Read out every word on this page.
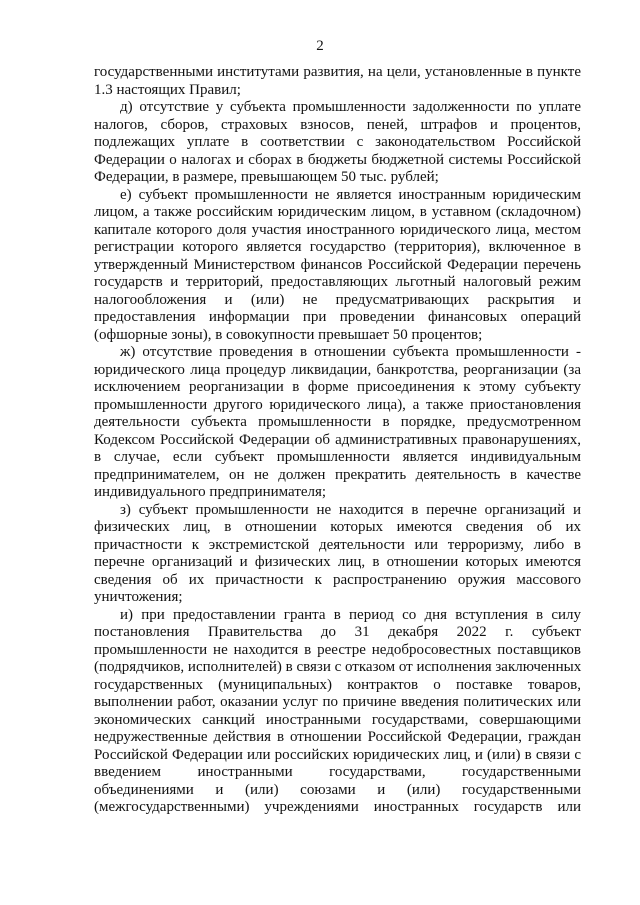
2
государственными институтами развития, на цели, установленные в пункте
1.3 настоящих Правил;
д) отсутствие у субъекта промышленности задолженности по уплате
налогов, сборов, страховых взносов, пеней, штрафов и процентов,
подлежащих уплате в соответствии с законодательством Российской
Федерации о налогах и сборах в бюджеты бюджетной системы Российской
Федерации, в размере, превышающем 50 тыс. рублей;
е) субъект промышленности не является иностранным юридическим
лицом, а также российским юридическим лицом, в уставном (складочном)
капитале которого доля участия иностранного юридического лица, местом
регистрации которого является государство (территория), включенное в
утвержденный Министерством финансов Российской Федерации перечень
государств и территорий, предоставляющих льготный налоговый режим
налогообложения и (или) не предусматривающих раскрытия и
предоставления информации при проведении финансовых операций
(офшорные зоны), в совокупности превышает 50 процентов;
ж) отсутствие проведения в отношении субъекта промышленности -
юридического лица процедур ликвидации, банкротства, реорганизации (за
исключением реорганизации в форме присоединения к этому субъекту
промышленности другого юридического лица), а также приостановления
деятельности субъекта промышленности в порядке, предусмотренном
Кодексом Российской Федерации об административных правонарушениях,
в случае, если субъект промышленности является индивидуальным
предпринимателем, он не должен прекратить деятельность в качестве
индивидуального предпринимателя;
з) субъект промышленности не находится в перечне организаций и
физических лиц, в отношении которых имеются сведения об их
причастности к экстремистской деятельности или терроризму, либо в
перечне организаций и физических лиц, в отношении которых имеются
сведения об их причастности к распространению оружия массового
уничтожения;
и) при предоставлении гранта в период со дня вступления в силу
постановления Правительства до 31 декабря 2022 г. субъект
промышленности не находится в реестре недобросовестных поставщиков
(подрядчиков, исполнителей) в связи с отказом от исполнения заключенных
государственных (муниципальных) контрактов о поставке товаров,
выполнении работ, оказании услуг по причине введения политических или
экономических санкций иностранными государствами, совершающими
недружественные действия в отношении Российской Федерации, граждан
Российской Федерации или российских юридических лиц, и (или) в связи с
введением иностранными государствами, государственными
объединениями и (или) союзами и (или) государственными
(межгосударственными) учреждениями иностранных государств или
